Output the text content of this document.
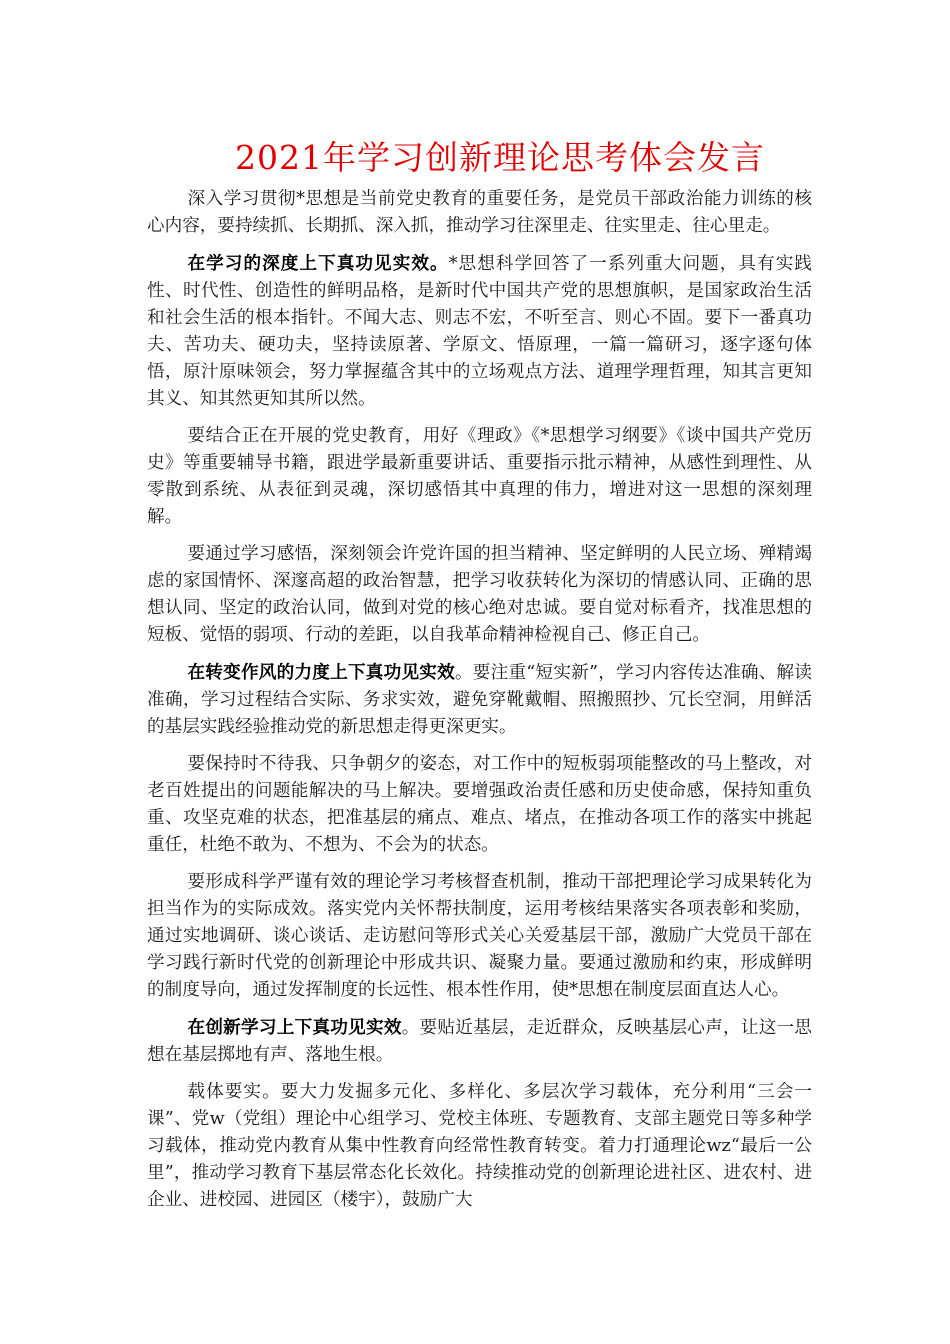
2021年学习创新理论思考体会发言

深入学习贯彻*思想是当前党史教育的重要任务，是党员干部政治能力训练的核心内容，要持续抓、长期抓、深入抓，推动学习往深里走、往实里走、往心里走。

在学习的深度上下真功见实效。*思想科学回答了一系列重大问题，具有实践性、时代性、创造性的鲜明品格，是新时代中国共产党的思想旗帜，是国家政治生活和社会生活的根本指针。不闻大志、则志不宏，不听至言、则心不固。要下一番真功夫、苦功夫、硬功夫，坚持读原著、学原文、悟原理，一篇一篇研习，逐字逐句体悟，原汁原味领会，努力掌握蕴含其中的立场观点方法、道理学理哲理，知其言更知其义、知其然更知其所以然。

要结合正在开展的党史教育，用好《理政》《*思想学习纲要》《谈中国共产党历史》等重要辅导书籍，跟进学最新重要讲话、重要指示批示精神，从感性到理性、从零散到系统、从表征到灵魂，深切感悟其中真理的伟力，增进对这一思想的深刻理解。

要通过学习感悟，深刻领会许党许国的担当精神、坚定鲜明的人民立场、殚精竭虑的家国情怀、深邃高超的政治智慧，把学习收获转化为深切的情感认同、正确的思想认同、坚定的政治认同，做到对党的核心绝对忠诚。要自觉对标看齐，找准思想的短板、觉悟的弱项、行动的差距，以自我革命精神检视自己、修正自己。

在转变作风的力度上下真功见实效。要注重“短实新”，学习内容传达准确、解读准确，学习过程结合实际、务求实效，避免穿靴戴帽、照搬照抄、冗长空洞，用鲜活的基层实践经验推动党的新思想走得更深更实。

要保持时不待我、只争朝夕的姿态，对工作中的短板弱项能整改的马上整改，对老百姓提出的问题能解决的马上解决。要增强政治责任感和历史使命感，保持知重负重、攻坚克难的状态，把准基层的痛点、难点、堵点，在推动各项工作的落实中挑起重任，杜绝不敢为、不想为、不会为的状态。

要形成科学严谨有效的理论学习考核督查机制，推动干部把理论学习成果转化为担当作为的实际成效。落实党内关怀帮扶制度，运用考核结果落实各项表彰和奖励，通过实地调研、谈心谈话、走访慰问等形式关心关爱基层干部，激励广大党员干部在学习践行新时代党的创新理论中形成共识、凝聚力量。要通过激励和约束，形成鲜明的制度导向，通过发挥制度的长远性、根本性作用，使*思想在制度层面直达人心。

在创新学习上下真功见实效。要贴近基层，走近群众，反映基层心声，让这一思想在基层掷地有声、落地生根。

载体要实。要大力发掘多元化、多样化、多层次学习载体，充分利用“三会一课”、党w（党组）理论中心组学习、党校主体班、专题教育、支部主题党日等多种学习载体，推动党内教育从集中性教育向经常性教育转变。着力打通理论wz“最后一公里”，推动学习教育下基层常态化长效化。持续推动党的创新理论进社区、进农村、进企业、进校园、进园区（楼宇），鼓励广大
